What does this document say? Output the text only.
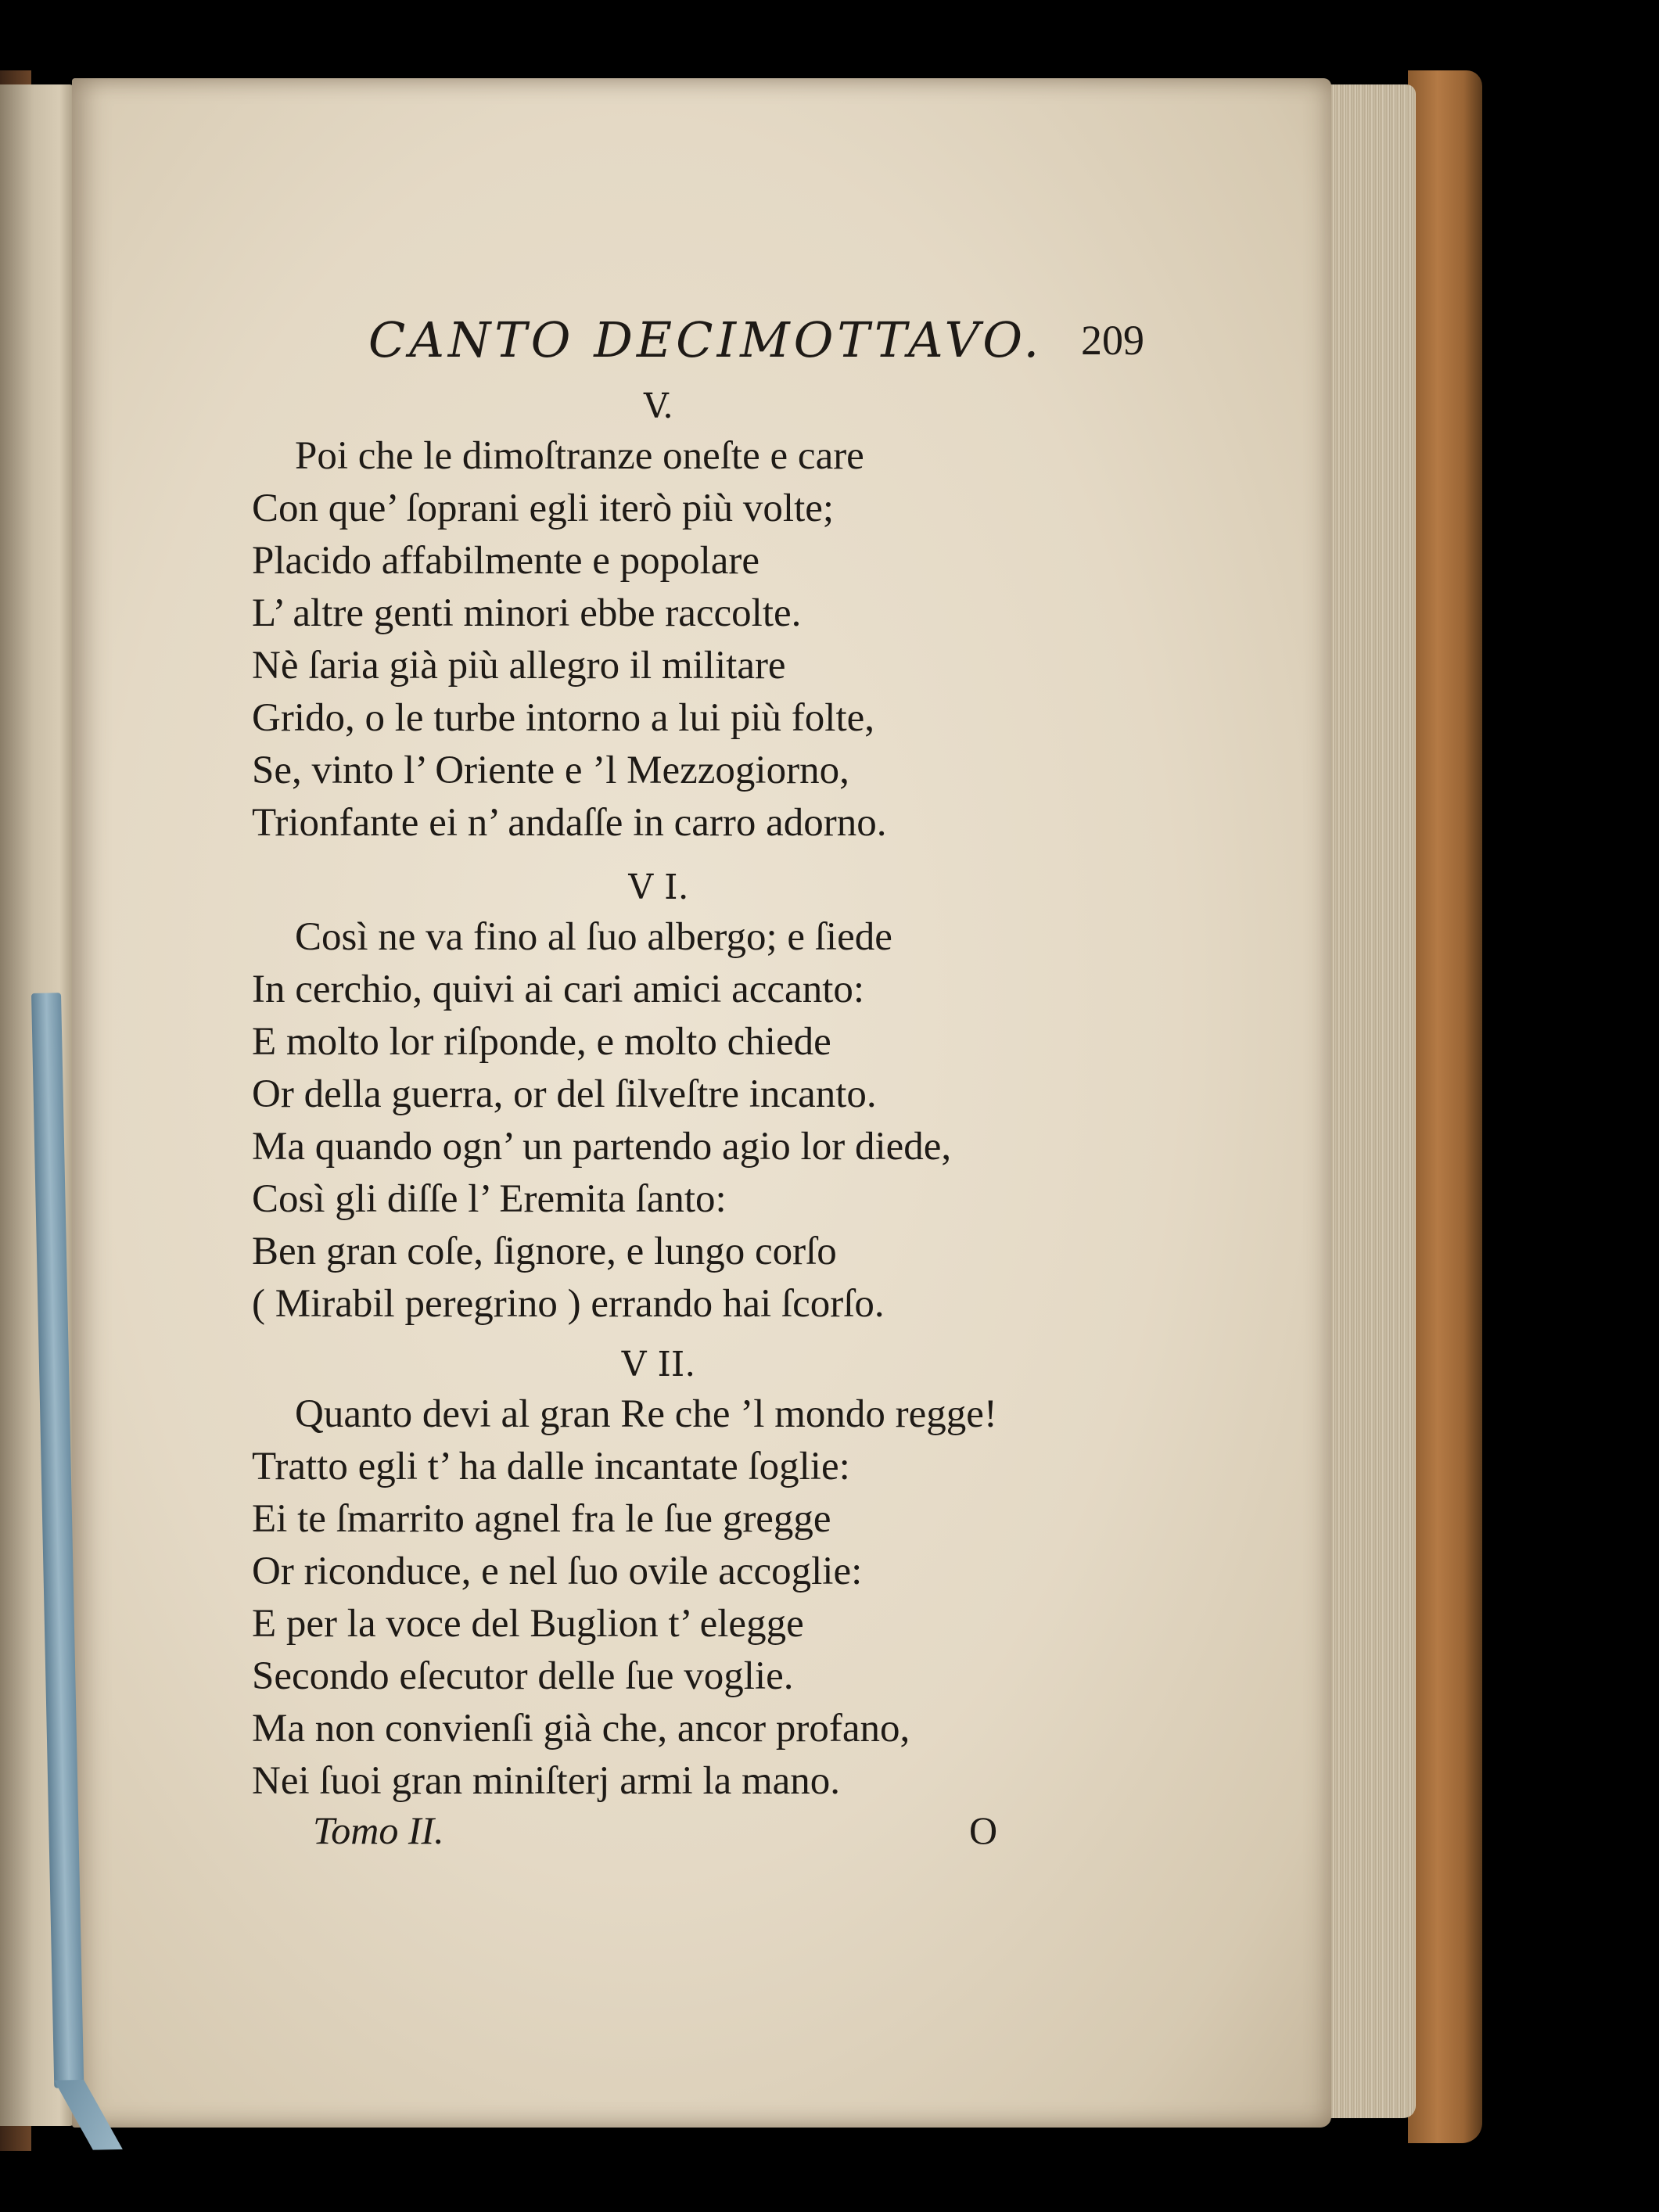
CANTO DECIMOTTAVO. 209
V.
Poi che le dimoſtranze oneſte e care
Con que’ ſoprani egli iterò più volte;
Placido affabilmente e popolare
L’ altre genti minori ebbe raccolte.
Nè ſaria già più allegro il militare
Grido, o le turbe intorno a lui più folte,
Se, vinto l’ Oriente e ’l Mezzogiorno,
Trionfante ei n’ andaſſe in carro adorno.
V I.
Così ne va fino al ſuo albergo; e ſiede
In cerchio, quivi ai cari amici accanto:
E molto lor riſponde, e molto chiede
Or della guerra, or del ſilveſtre incanto.
Ma quando ogn’ un partendo agio lor diede,
Così gli diſſe l’ Eremita ſanto:
Ben gran coſe, ſignore, e lungo corſo
( Mirabil peregrino ) errando hai ſcorſo.
V II.
Quanto devi al gran Re che ’l mondo regge!
Tratto egli t’ ha dalle incantate ſoglie:
Ei te ſmarrito agnel fra le ſue gregge
Or riconduce, e nel ſuo ovile accoglie:
E per la voce del Buglion t’ elegge
Secondo eſecutor delle ſue voglie.
Ma non convienſi già che, ancor profano,
Nei ſuoi gran miniſterj armi la mano.
Tomo II.	O
